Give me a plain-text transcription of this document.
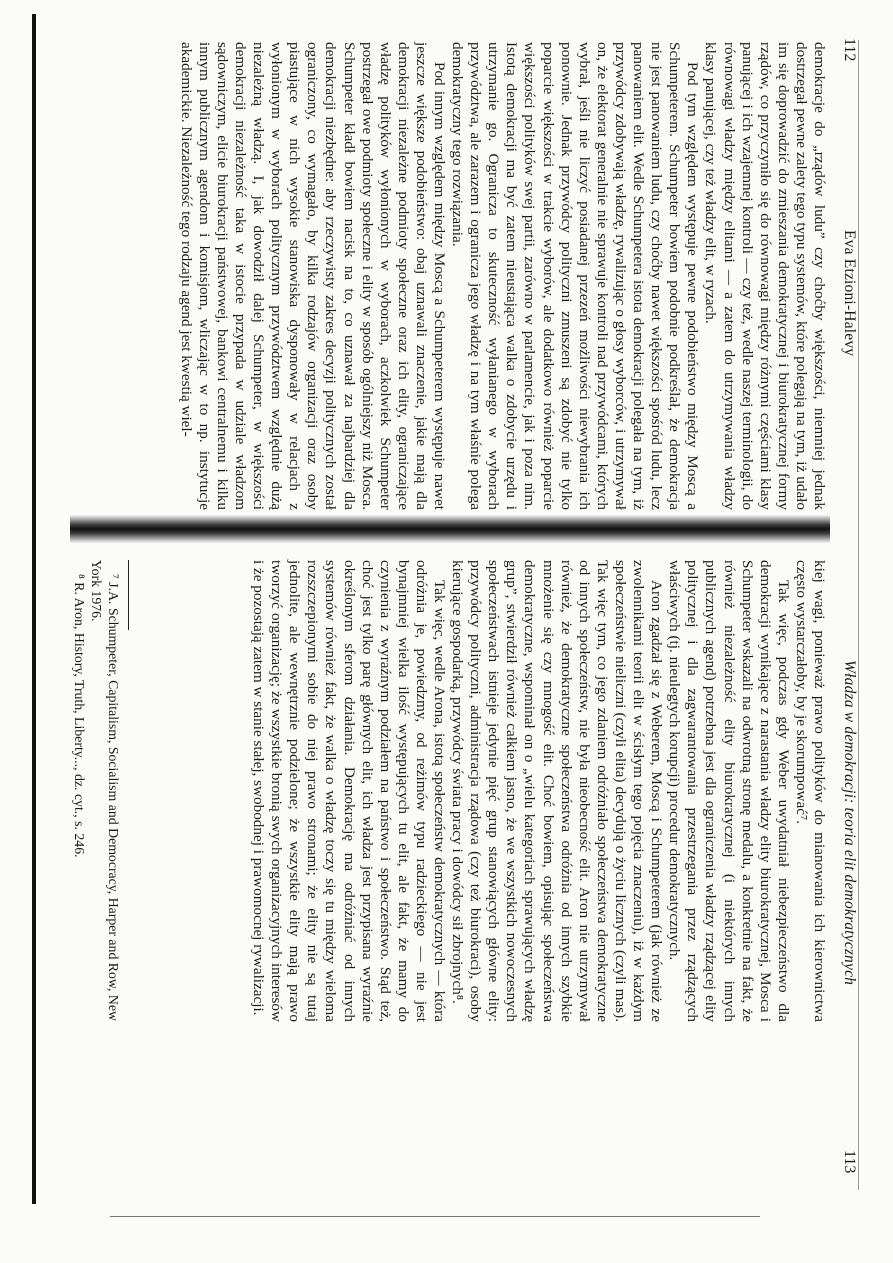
112
Eva Etzioni-Halevy

demokracje do „rządów ludu” czy choćby większości, niemniej jednak dostrzegał pewne zalety tego typu systemów, które polegają na tym, iż udało im się doprowadzić do zmieszania demokratycznej i biurokratycznej formy rządów, co przyczyniło się do równowagi między różnymi częściami klasy panującej i ich wzajemnej kontroli — czy też, wedle naszej terminologii, do równowagi władzy między elitami — a zatem do utrzymywania władzy klasy panującej, czy też władzy elit, w ryzach.

Pod tym względem występuje pewne podobieństwo między Moscą a Schumpeterem. Schumpeter bowiem podobnie podkreślał, że demokracja nie jest panowaniem ludu, czy choćby nawet większości spośród ludu, lecz panowaniem elit. Wedle Schumpetera istota demokracji polegała na tym, iż przywódcy zdobywają władzę, rywalizując o głosy wyborców, i utrzymywał on, że elektorat generalnie nie sprawuje kontroli nad przywódcami, których wybrał, jeśli nie liczyć posiadanej przezeń możliwości niewybrania ich ponownie. Jednak przywódcy polityczni zmuszeni są zdobyć nie tylko poparcie większości w trakcie wyborów, ale dodatkowo również poparcie większości polityków swej partii, zarówno w parlamencie, jak i poza nim. Istotą demokracji ma być zatem nieustająca walka o zdobycie urzędu i utrzymanie go. Ogranicza to skuteczność wyłanianego w wyborach przywództwa, ale zarazem i ogranicza jego władzę i na tym właśnie polega demokratyczny tego rozwiązania.

Pod innym względem między Moscą a Schumpeterem występuje nawet jeszcze większe podobieństwo: obaj uznawali znaczenie, jakie mają dla demokracji niezależne podmioty społeczne oraz ich elity, ograniczające władzę polityków wyłonionych w wyborach, aczkolwiek Schumpeter postrzegał owe podmioty społeczne i elity w sposób ogólniejszy niż Mosca. Schumpeter kładł bowiem nacisk na to, co uznawał za najbardziej dla demokracji niezbędne: aby rzeczywisty zakres decyzji politycznych został ograniczony, co wymagało, by kilka rodzajów organizacji oraz osoby piastujące w nich wysokie stanowiska dysponowały w relacjach z wyłonionym w wyborach politycznym przywództwem względnie dużą niezależną władzą. I, jak dowodził dalej Schumpeter, w większości demokracji niezależność taka w istocie przypada w udziale władzom sądowniczym, elicie biurokracji państwowej, bankowi centralnemu i kilku innym publicznym agendom i komisjom, wliczając w to np. instytucje akademickie. Niezależność tego rodzaju agend jest kwestią wiel-

Władza w demokracji: teoria elit demokratycznych
113

kiej wagi, ponieważ prawo polityków do mianowania ich kierownictwa często wystarczałoby, by je skorumpować⁷.

Tak więc, podczas gdy Weber uwydatniał niebezpieczeństwo dla demokracji wynikające z narastania władzy elity biurokratycznej, Mosca i Schumpeter wskazali na odwrotną stronę medalu, a konkretnie na fakt, że również niezależność elity biurokratycznej (i niektórych innych publicznych agend) potrzebna jest dla ograniczenia władzy rządzącej elity politycznej i dla zagwarantowania przestrzegania przez rządzących właściwych (tj. nieulegtych korupcji) procedur demokratycznych.

Aron zgadzał się z Weberem, Moscą i Schumpeterem (jak również ze zwolennikami teorii elit w ścisłym tego pojęcia znaczeniu), iż w każdym społeczeństwie nieliczni (czyli elita) decydują o życiu licznych (czyli mas). Tak więc tym, co jego zdaniem odróżniało społeczeństwa demokratyczne od innych społeczeństw, nie była nieobecność elit. Aron nie utrzymywał również, że demokratyczne społeczeństwa odróżnia od innych szybkie mnożenie się czy mnogość elit. Choć bowiem, opisując społeczeństwa demokratyczne, wspominał on o „wielu kategoriach sprawujących władzę grup”, stwierdził również całkiem jasno, że we wszystkich nowoczesnych społeczeństwach istnieje jedynie pięć grup stanowiących główne elity: przywódcy polityczni, administracja rządowa (czy też biurokraci), osoby kierujące gospodarką, przywódcy świata pracy i dowódcy sił zbrojnych⁸.

Tak więc, wedle Arona, istotą społeczeństw demokratycznych — która odróżnia je, powiedzmy, od reżimów typu radzieckiego — nie jest bynajmniej wielka ilość występujących tu elit, ale fakt, że mamy do czynienia z wyraźnym podziałem na państwo i społeczeństwo. Stąd też, choć jest tylko parę głównych elit, ich władza jest przypisana wyraźnie określonym sferom działania. Demokrację ma odróżniać od innych systemów również fakt, że walka o władzę toczy się tu między wieloma rozszczepionymi sobie do niej prawo stronami; że elity nie są tutaj jednolite, ale wewnętrznie podzielone; że wszystkie elity mają prawo tworzyć organizację; że wszystkie bronią swych organizacyjnych interesów i że pozostają zatem w stanie stałej, swobodnej i prawomocnej rywalizacji.

⁷ J.A. Schumpeter, Capitalism, Socialism and Democracy, Harper and Row, New York 1976.

⁸ R. Aron, History, Truth, Liberty..., dz. cyt., s. 246.
